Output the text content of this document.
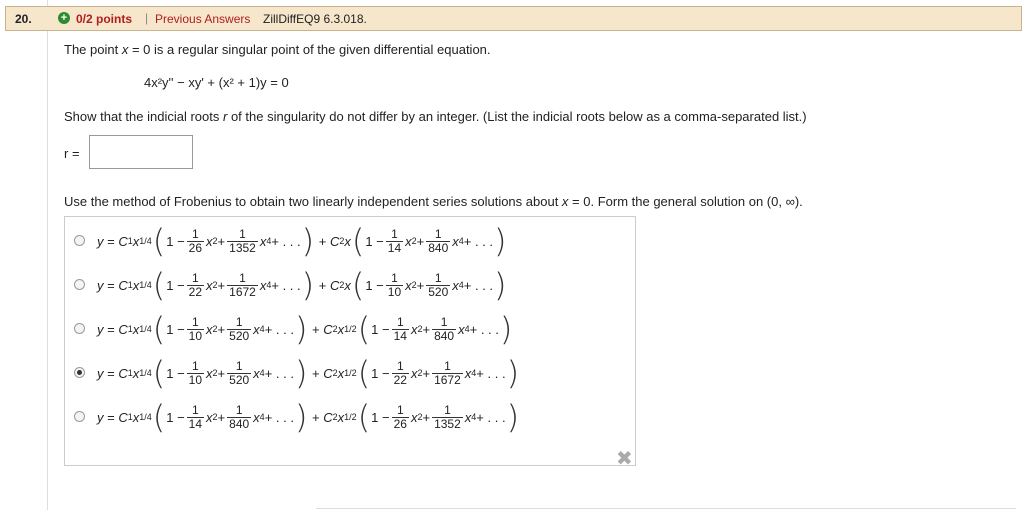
20.	+ 0/2 points | Previous Answers ZillDiffEQ9 6.3.018.
The point x = 0 is a regular singular point of the given differential equation.
4x²y'' − xy' + (x² + 1)y = 0
Show that the indicial roots r of the singularity do not differ by an integer. (List the indicial roots below as a comma-separated list.)
r =
Use the method of Frobenius to obtain two linearly independent series solutions about x = 0. Form the general solution on (0, ∞).
y = C 1 x 1/4 ( $1 - \frac{1}{26}$ x $2 + \frac{1}{1352}$ x 4 + . . . ) + C 2 x ( $1 - \frac{1}{14}$ x $2 + \frac{1}{840}$ x 4 + . . . )
y = C 1 x 1/4 ( $1 - \frac{1}{22}$ x $2 + \frac{1}{1672}$ x 4 + . . . ) + C 2 x ( $1 - \frac{1}{10}$ x $2 + \frac{1}{520}$ x 4 + . . . )
y = C 1 x 1/4 ( $1 - \frac{1}{10}$ x $2 + \frac{1}{520}$ x 4 + . . . ) + C 2 x 1/2 ( $1 - \frac{1}{14}$ x $2 + \frac{1}{840}$ x 4 + . . . )
y = C 1 x 1/4 ( $1 - \frac{1}{10}$ x $2 + \frac{1}{520}$ x 4 + . . . ) + C 2 x 1/2 ( $1 - \frac{1}{22}$ x $2 + \frac{1}{1672}$ x 4 + . . . )
y = C 1 x 1/4 ( $1 - \frac{1}{14}$ x $2 + \frac{1}{840}$ x 4 + . . . ) + C 2 x 1/2 ( $1 - \frac{1}{26}$ x $2 + \frac{1}{1352}$ x 4 + . . . )
✖
